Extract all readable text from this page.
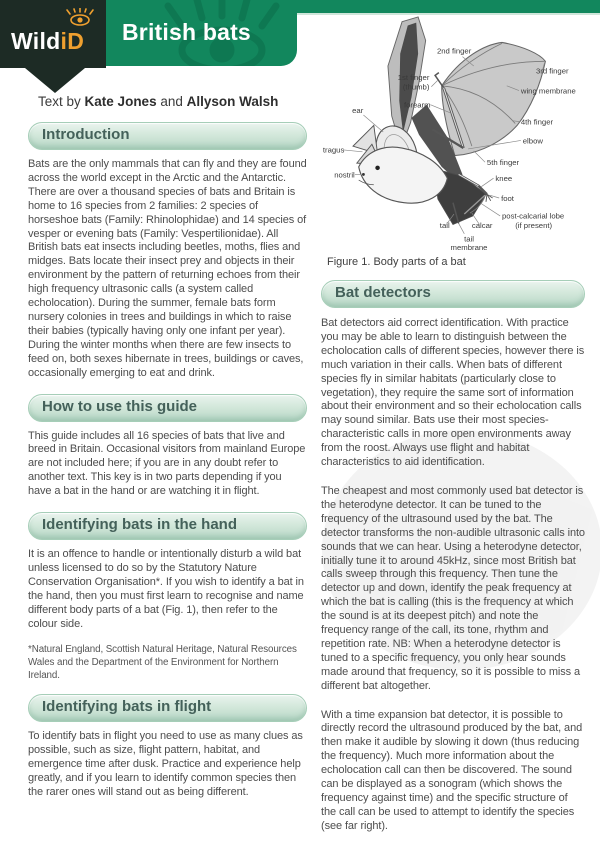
British bats
WildiD

Text by Kate Jones and Allyson Walsh

Introduction

Bats are the only mammals that can fly and they are found across the world except in the Arctic and the Antarctic. There are over a thousand species of bats and Britain is home to 16 species from 2 families: 2 species of horseshoe bats (Family: Rhinolophidae) and 14 species of vesper or evening bats (Family: Vespertilionidae). All British bats eat insects including beetles, moths, flies and midges. Bats locate their insect prey and objects in their environment by the pattern of returning echoes from their high frequency ultrasonic calls (a system called echolocation). During the summer, female bats form nursery colonies in trees and buildings in which to raise their babies (typically having only one infant per year). During the winter months when there are few insects to feed on, both sexes hibernate in trees, buildings or caves, occasionally emerging to eat and drink.

How to use this guide

This guide includes all 16 species of bats that live and breed in Britain. Occasional visitors from mainland Europe are not included here; if you are in any doubt refer to another text. This key is in two parts depending if you have a bat in the hand or are watching it in flight.

Identifying bats in the hand

It is an offence to handle or intentionally disturb a wild bat unless licensed to do so by the Statutory Nature Conservation Organisation*. If you wish to identify a bat in the hand, then you must first learn to recognise and name different body parts of a bat (Fig. 1), then refer to the colour side.

*Natural England, Scottish Natural Heritage, Natural Resources Wales and the Department of the Environment for Northern Ireland.

Identifying bats in flight

To identify bats in flight you need to use as many clues as possible, such as size, flight pattern, habitat, and emergence time after dusk. Practice and experience help greatly, and if you learn to identify common species then the rarer ones will stand out as being different.

2nd finger
3rd finger
1st finger
(thumb)	wing membrane
forearm
ear
4th finger
elbow
tragus
5th finger
nostril	knee
foot
post-calcarial lobe
(if present)
tail	calcar
tail
membrane

Figure 1. Body parts of a bat

Bat detectors

Bat detectors aid correct identification. With practice you may be able to learn to distinguish between the echolocation calls of different species, however there is much variation in their calls. When bats of different species fly in similar habitats (particularly close to vegetation), they require the same sort of information about their environment and so their echolocation calls may sound similar. Bats use their most species-characteristic calls in more open environments away from the roost. Always use flight and habitat characteristics to aid identification.

The cheapest and most commonly used bat detector is the heterodyne detector. It can be tuned to the frequency of the ultrasound used by the bat. The detector transforms the non-audible ultrasonic calls into sounds that we can hear. Using a heterodyne detector, initially tune it to around 45kHz, since most British bat calls sweep through this frequency. Then tune the detector up and down, identify the peak frequency at which the bat is calling (this is the frequency at which the sound is at its deepest pitch) and note the frequency range of the call, its tone, rhythm and repetition rate. NB: When a heterodyne detector is tuned to a specific frequency, you only hear sounds made around that frequency, so it is possible to miss a different bat altogether.

With a time expansion bat detector, it is possible to directly record the ultrasound produced by the bat, and then make it audible by slowing it down (thus reducing the frequency). Much more information about the echolocation call can then be discovered. The sound can be displayed as a sonogram (which shows the frequency against time) and the specific structure of the call can be used to attempt to identify the species (see far right).
